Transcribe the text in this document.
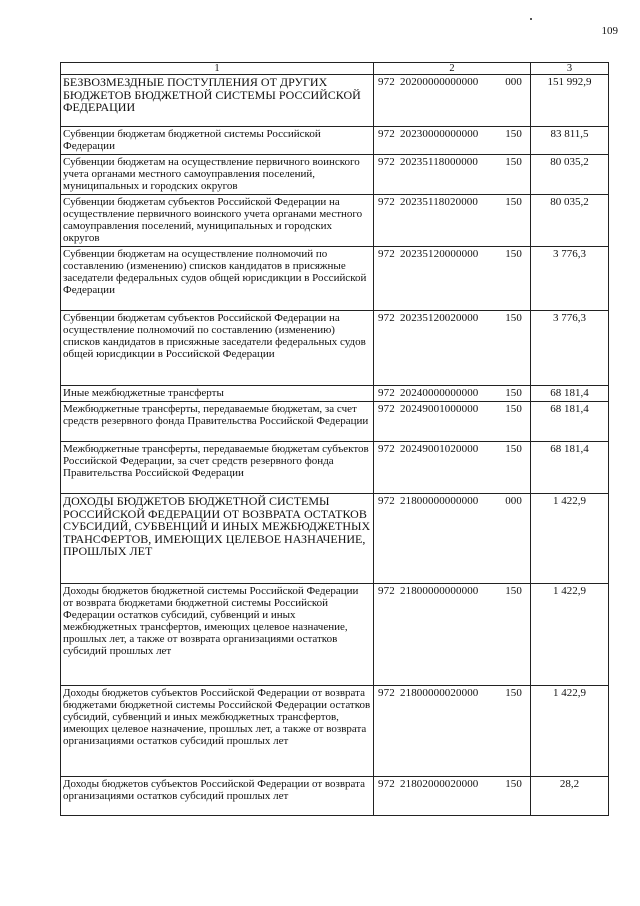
109
1	2	3
БЕЗВОЗМЕЗДНЫЕ ПОСТУПЛЕНИЯ ОТ ДРУГИХ БЮДЖЕТОВ БЮДЖЕТНОЙ СИСТЕМЫ РОССИЙСКОЙ ФЕДЕРАЦИИ	972 20200000000000 000	151 992,9
Субвенции бюджетам бюджетной системы Российской Федерации	972 20230000000000 150	83 811,5
Субвенции бюджетам на осуществление первичного воинского учета органами местного самоуправления поселений, муниципальных и городских округов	972 20235118000000 150	80 035,2
Субвенции бюджетам субъектов Российской Федерации на осуществление первичного воинского учета органами местного самоуправления поселений, муниципальных и городских округов	972 20235118020000 150	80 035,2
Субвенции бюджетам на осуществление полномочий по составлению (изменению) списков кандидатов в присяжные заседатели федеральных судов общей юрисдикции в Российской Федерации	972 20235120000000 150	3 776,3
Субвенции бюджетам субъектов Российской Федерации на осуществление полномочий по составлению (изменению) списков кандидатов в присяжные заседатели федеральных судов общей юрисдикции в Российской Федерации	972 20235120020000 150	3 776,3
Иные межбюджетные трансферты	972 20240000000000 150	68 181,4
Межбюджетные трансферты, передаваемые бюджетам, за счет средств резервного фонда Правительства Российской Федерации	972 20249001000000 150	68 181,4
Межбюджетные трансферты, передаваемые бюджетам субъектов Российской Федерации, за счет средств резервного фонда Правительства Российской Федерации	972 20249001020000 150	68 181,4
ДОХОДЫ БЮДЖЕТОВ БЮДЖЕТНОЙ СИСТЕМЫ РОССИЙСКОЙ ФЕДЕРАЦИИ ОТ ВОЗВРАТА ОСТАТКОВ СУБСИДИЙ, СУБВЕНЦИЙ И ИНЫХ МЕЖБЮДЖЕТНЫХ ТРАНСФЕРТОВ, ИМЕЮЩИХ ЦЕЛЕВОЕ НАЗНАЧЕНИЕ, ПРОШЛЫХ ЛЕТ	972 21800000000000 000	1 422,9
Доходы бюджетов бюджетной системы Российской Федерации от возврата бюджетами бюджетной системы Российской Федерации остатков субсидий, субвенций и иных межбюджетных трансфертов, имеющих целевое назначение, прошлых лет, а также от возврата организациями остатков субсидий прошлых лет	972 21800000000000 150	1 422,9
Доходы бюджетов субъектов Российской Федерации от возврата бюджетами бюджетной системы Российской Федерации остатков субсидий, субвенций и иных межбюджетных трансфертов, имеющих целевое назначение, прошлых лет, а также от возврата организациями остатков субсидий прошлых лет	972 21800000020000 150	1 422,9
Доходы бюджетов субъектов Российской Федерации от возврата организациями остатков субсидий прошлых лет	972 21802000020000 150	28,2
